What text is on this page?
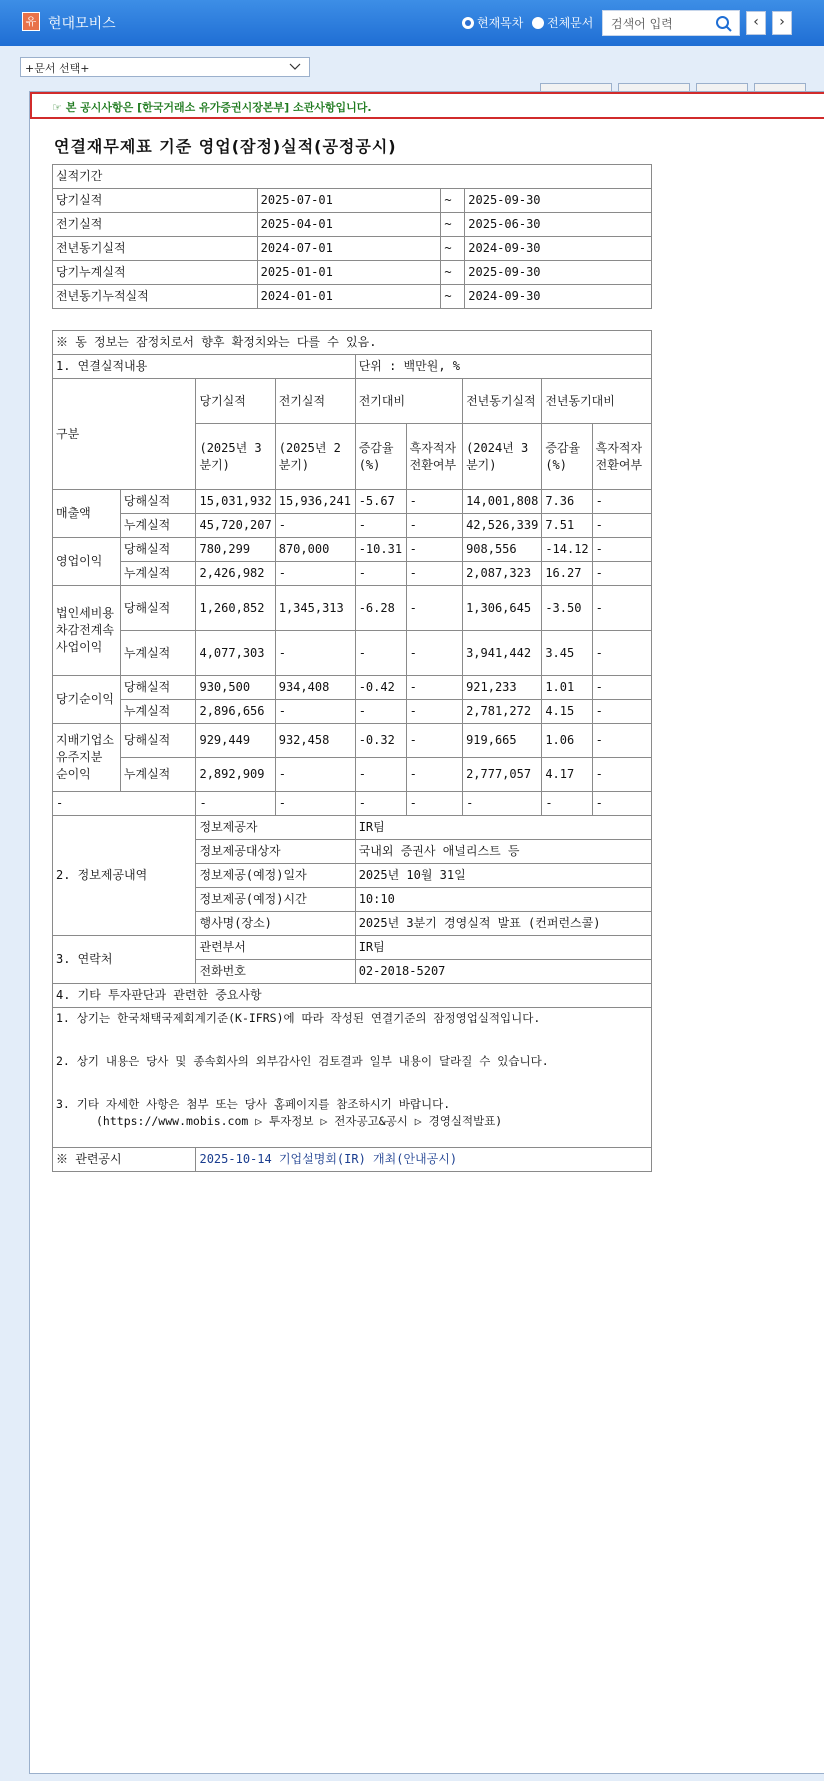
유 현대모비스	현재목차 전체문서	검색어 입력	‹	›
+문서 선택+
☞ 본 공시사항은 [한국거래소 유가증권시장본부] 소관사항입니다.
연결재무제표 기준 영업(잠정)실적(공정공시)
실적기간			
당기실적	2025-07-01	~	2025-09-30
전기실적	2025-04-01	~	2025-06-30
전년동기실적	2024-07-01	~	2024-09-30
당기누계실적	2025-01-01	~	2025-09-30
전년동기누적실적	2024-01-01	~	2024-09-30
※ 동 정보는 잠정치로서 향후 확정치와는 다를 수 있음.								
1. 연결실적내용				단위 : 백만원, %				
구분		당기실적	전기실적	전기대비		전년동기실적	전년동기대비	
		(2025년 3분기)	(2025년 2분기)	증감율(%)	흑자적자전환여부	(2024년 3분기)	증감율(%)	흑자적자전환여부
매출액	당해실적	15,031,932	15,936,241	-5.67	-	14,001,808	7.36	-
	누계실적	45,720,207	-	-	-	42,526,339	7.51	-
영업이익	당해실적	780,299	870,000	-10.31	-	908,556	-14.12	-
	누계실적	2,426,982	-	-	-	2,087,323	16.27	-
법인세비용차감전계속사업이익	당해실적	1,260,852	1,345,313	-6.28	-	1,306,645	-3.50	-
	누계실적	4,077,303	-	-	-	3,941,442	3.45	-
당기순이익	당해실적	930,500	934,408	-0.42	-	921,233	1.01	-
	누계실적	2,896,656	-	-	-	2,781,272	4.15	-
지배기업소유주지분 순이익	당해실적	929,449	932,458	-0.32	-	919,665	1.06	-
	누계실적	2,892,909	-	-	-	2,777,057	4.17	-
-		-	-	-	-	-	-	-
2. 정보제공내역		정보제공자		IR팀				
		정보제공대상자		국내외 증권사 애널리스트 등				
		정보제공(예정)일자		2025년 10월 31일				
		정보제공(예정)시간		10:10				
		행사명(장소)		2025년 3분기 경영실적 발표 (컨퍼런스콜)				
3. 연락처		관련부서		IR팀				
		전화번호		02-2018-5207				
4. 기타 투자판단과 관련한 중요사항								

1. 상기는 한국채택국제회계기준(K-IFRS)에 따라 작성된 연결기준의 잠정영업실적입니다.
2. 상기 내용은 당사 및 종속회사의 외부감사인 검토결과 일부 내용이 달라질 수 있습니다.
3. 기타 자세한 사항은 첨부 또는 당사 홈페이지를 참조하시기 바랍니다.
(https://www.mobis.com ▷ 투자정보 ▷ 전자공고&공시 ▷ 경영실적발표)								

※ 관련공시		2025-10-14 기업설명회(IR) 개최(안내공시)						
